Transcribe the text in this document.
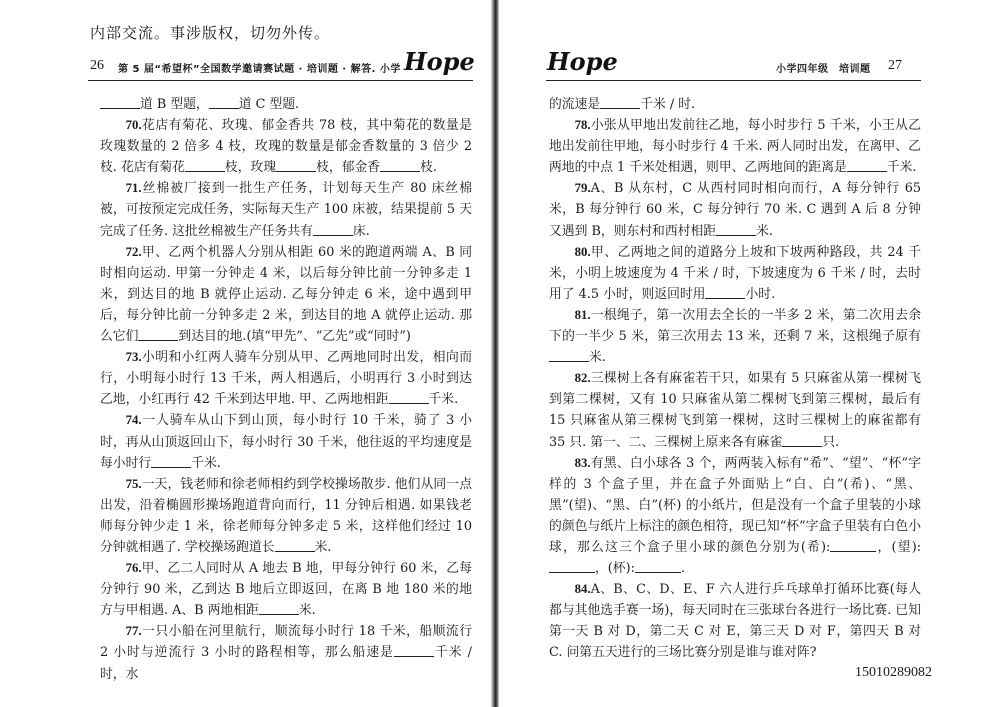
内部交流。事涉版权，切勿外传。
26 第 5 届“希望杯”全国数学邀请赛试题 · 培训题 · 解答. 小学 Hope

道 B 型题， 道 C 型题.

70.花店有菊花、玫瑰、郁金香共 78 枝，其中菊花的数量是玫瑰数量的 2 倍多 4 枝，玫瑰的数量是郁金香数量的 3 倍少 2 枝. 花店有菊花	枝，玫瑰	枝，郁金香	枝.

71.丝棉被厂接到一批生产任务，计划每天生产 80 床丝棉被，可按预定完成任务，实际每天生产 100 床被，结果提前 5 天完成了任务. 这批丝棉被生产任务共有	床.

72.甲、乙两个机器人分别从相距 60 米的跑道两端 A、B 同时相向运动. 甲第一分钟走 4 米，以后每分钟比前一分钟多走 1 米，到达目的地 B 就停止运动. 乙每分钟走 6 米，途中遇到甲后，每分钟比前一分钟多走 2 米，到达目的地 A 就停止运动. 那么它们	到达目的地.(填“甲先”、“乙先”或“同时”)

73.小明和小红两人骑车分别从甲、乙两地同时出发，相向而行，小明每小时行 13 千米，两人相遇后，小明再行 3 小时到达乙地，小红再行 42 千米到达甲地. 甲、乙两地相距	千米.

74.一人骑车从山下到山顶，每小时行 10 千米，骑了 3 小时，再从山顶返回山下，每小时行 30 千米，他往返的平均速度是每小时行	千米.

75.一天，钱老师和徐老师相约到学校操场散步. 他们从同一点出发，沿着椭圆形操场跑道背向而行，11 分钟后相遇. 如果钱老师每分钟少走 1 米，徐老师每分钟多走 5 米，这样他们经过 10 分钟就相遇了. 学校操场跑道长	米.

76.甲、乙二人同时从 A 地去 B 地，甲每分钟行 60 米，乙每分钟行 90 米，乙到达 B 地后立即返回，在离 B 地 180 米的地方与甲相遇. A、B 两地相距	米.

77.一只小船在河里航行，顺流每小时行 18 千米，船顺流行 2 小时与逆流行 3 小时的路程相等，那么船速是	千米 / 时，水

Hope	小学四年级　培训题 27

的流速是	千米 / 时.

78.小张从甲地出发前往乙地，每小时步行 5 千米，小王从乙地出发前往甲地，每小时步行 4 千米. 两人同时出发，在离甲、乙两地的中点 1 千米处相遇，则甲、乙两地间的距离是	千米.

79.A、B 从东村，C 从西村同时相向而行，A 每分钟行 65 米，B 每分钟行 60 米，C 每分钟行 70 米. C 遇到 A 后 8 分钟又遇到 B，则东村和西村相距	米.

80.甲、乙两地之间的道路分上坡和下坡两种路段，共 24 千米，小明上坡速度为 4 千米 / 时，下坡速度为 6 千米 / 时，去时用了 4.5 小时，则返回时用	小时.

81.一根绳子，第一次用去全长的一半多 2 米，第二次用去余下的一半少 5 米，第三次用去 13 米，还剩 7 米，这根绳子原有米.

82.三棵树上各有麻雀若干只，如果有 5 只麻雀从第一棵树飞到第二棵树，又有 10 只麻雀从第二棵树飞到第三棵树，最后有 15 只麻雀从第三棵树飞到第一棵树，这时三棵树上的麻雀都有 35 只. 第一、二、三棵树上原来各有麻雀	只.

83.有黑、白小球各 3 个，两两装入标有“希”、“望”、“杯”字样的 3 个盒子里，并在盒子外面贴上“白、白”(希)、“黑、黑”(望)、“黑、白”(杯) 的小纸片，但是没有一个盒子里装的小球的颜色与纸片上标注的颜色相符，现已知“杯”字盒子里装有白色小球，那么这三个盒子里小球的颜色分别为(希):	，(望):，(杯):	.

84.A、B、C、D、E、F 六人进行乒乓球单打循环比赛(每人都与其他选手赛一场)，每天同时在三张球台各进行一场比赛. 已知第一天 B 对 D，第二天 C 对 E，第三天 D 对 F，第四天 B 对 C. 问第五天进行的三场比赛分别是谁与谁对阵?

15010289082
